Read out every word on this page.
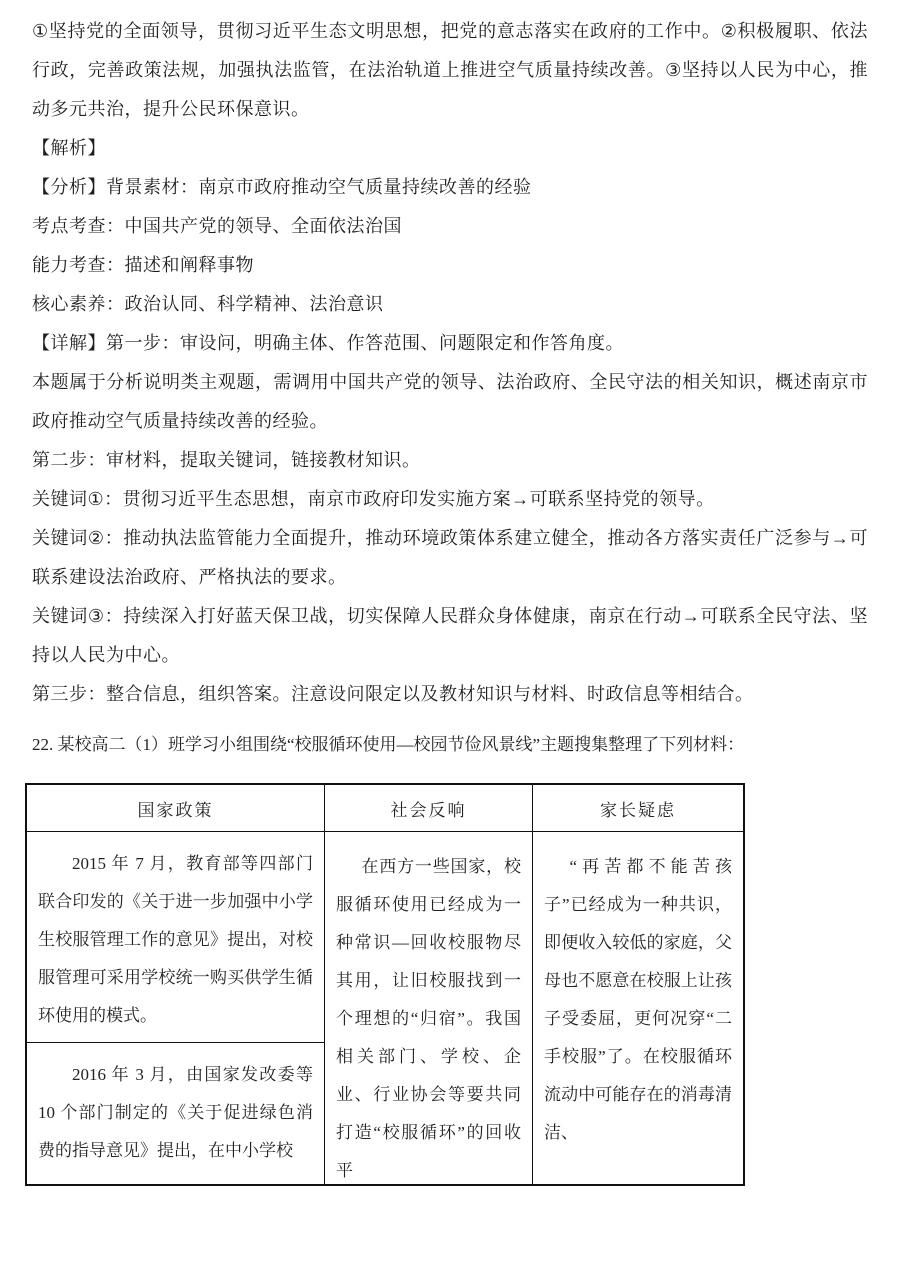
①坚持党的全面领导，贯彻习近平生态文明思想，把党的意志落实在政府的工作中。②积极履职、依法行政，完善政策法规，加强执法监管，在法治轨道上推进空气质量持续改善。③坚持以人民为中心，推动多元共治，提升公民环保意识。

【解析】

【分析】背景素材：南京市政府推动空气质量持续改善的经验

考点考查：中国共产党的领导、全面依法治国

能力考查：描述和阐释事物

核心素养：政治认同、科学精神、法治意识

【详解】第一步：审设问，明确主体、作答范围、问题限定和作答角度。

本题属于分析说明类主观题，需调用中国共产党的领导、法治政府、全民守法的相关知识，概述南京市政府推动空气质量持续改善的经验。

第二步：审材料，提取关键词，链接教材知识。

关键词①：贯彻习近平生态思想，南京市政府印发实施方案→可联系坚持党的领导。

关键词②：推动执法监管能力全面提升，推动环境政策体系建立健全，推动各方落实责任广泛参与→可联系建设法治政府、严格执法的要求。

关键词③：持续深入打好蓝天保卫战，切实保障人民群众身体健康，南京在行动→可联系全民守法、坚持以人民为中心。

第三步：整合信息，组织答案。注意设问限定以及教材知识与材料、时政信息等相结合。

22. 某校高二（1）班学习小组围绕“校服循环使用—校园节俭风景线”主题搜集整理了下列材料：

国家政策	社会反响	家长疑虑
2015 年 7 月，教育部等四部门联合印发的《关于进一步加强中小学生校服管理工作的意见》提出，对校服管理可采用学校统一购买供学生循环使用的模式。
2016 年 3 月，由国家发改委等 10 个部门制定的《关于促进绿色消费的指导意见》提出，在中小学校
在西方一些国家，校服循环使用已经成为一种常识—回收校服物尽其用，让旧校服找到一个理想的“归宿”。我国相关部门、学校、企业、行业协会等要共同打造“校服循环”的回收平
“再苦都不能苦孩子”已经成为一种共识，即便收入较低的家庭，父母也不愿意在校服上让孩子受委屈，更何况穿“二手校服”了。在校服循环流动中可能存在的消毒清洁、
